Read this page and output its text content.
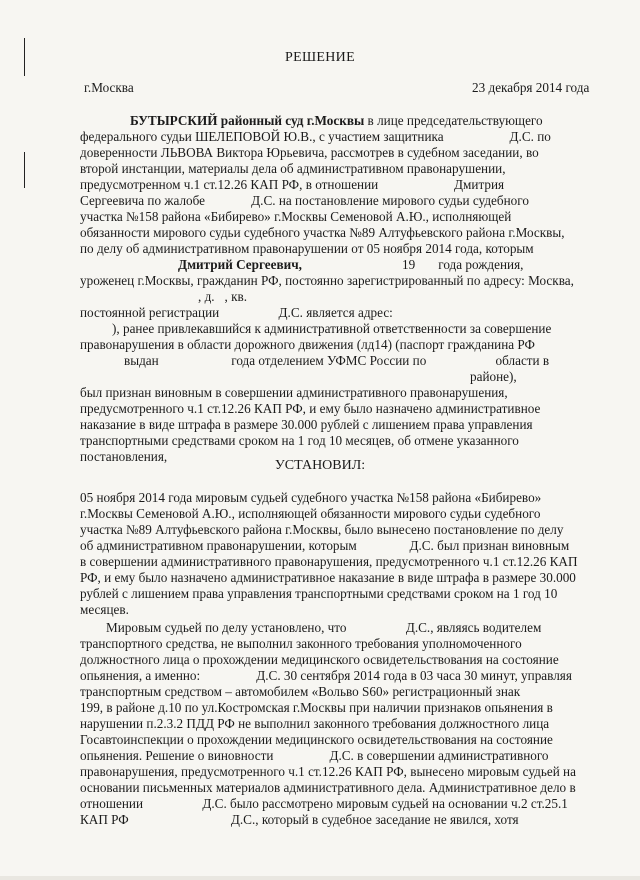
РЕШЕНИЕ
г.Москва	23 декабря 2014 года
БУТЫРСКИЙ районный суд г.Москвы в лице председательствующего
федерального судьи ШЕЛЕПОВОЙ Ю.В., с участием защитника                    Д.С. по
доверенности ЛЬВОВА Виктора Юрьевича, рассмотрев в судебном заседании, во
второй инстанции, материалы дела об административном правонарушении,
предусмотренном ч.1 ст.12.26 КАП РФ, в отношении                       Дмитрия
Сергеевича по жалобе              Д.С. на постановление мирового судьи судебного
участка №158 района «Бибирево» г.Москвы Семеновой А.Ю., исполняющей
обязанности мирового судьи судебного участка №89 Алтуфьевского района г.Москвы,
по делу об административном правонарушении от 05 ноября 2014 года, которым
Дмитрий Сергеевич,	19       года рождения,
уроженец г.Москвы, гражданин РФ, постоянно зарегистрированный по адресу: Москва,
, д.   , кв.
постоянной регистрации                  Д.С. является адрес:
), ранее привлекавшийся к административной ответственности за совершение
правонарушения в области дорожного движения (лд14) (паспорт гражданина РФ
выдан                      года отделением УФМС России по                     области в
районе),
был признан виновным в совершении административного правонарушения,
предусмотренного ч.1 ст.12.26 КАП РФ, и ему было назначено административное
наказание в виде штрафа в размере 30.000 рублей с лишением права управления
транспортными средствами сроком на 1 год 10 месяцев, об отмене указанного
постановления,
УСТАНОВИЛ:
05 ноября 2014 года мировым судьей судебного участка №158 района «Бибирево»
г.Москвы Семеновой А.Ю., исполняющей обязанности мирового судьи судебного
участка №89 Алтуфьевского района г.Москвы, было вынесено постановление по делу
об административном правонарушении, которым                Д.С. был признан виновным
в совершении административного правонарушения, предусмотренного ч.1 ст.12.26 КАП
РФ, и ему было назначено административное наказание в виде штрафа в размере 30.000
рублей с лишением права управления транспортными средствами сроком на 1 год 10
месяцев.
Мировым судьей по делу установлено, что                  Д.С., являясь водителем
транспортного средства, не выполнил законного требования уполномоченного
должностного лица о прохождении медицинского освидетельствования на состояние
опьянения, а именно:                 Д.С. 30 сентября 2014 года в 03 часа 30 минут, управляя
транспортным средством – автомобилем «Вольво S60» регистрационный знак
199, в районе д.10 по ул.Костромская г.Москвы при наличии признаков опьянения в
нарушении п.2.3.2 ПДД РФ не выполнил законного требования должностного лица
Госавтоинспекции о прохождении медицинского освидетельствования на состояние
опьянения. Решение о виновности                 Д.С. в совершении административного
правонарушения, предусмотренного ч.1 ст.12.26 КАП РФ, вынесено мировым судьей на
основании письменных материалов административного дела. Административное дело в
отношении                  Д.С. было рассмотрено мировым судьей на основании ч.2 ст.25.1
КАП РФ                               Д.С., который в судебное заседание не явился, хотя
